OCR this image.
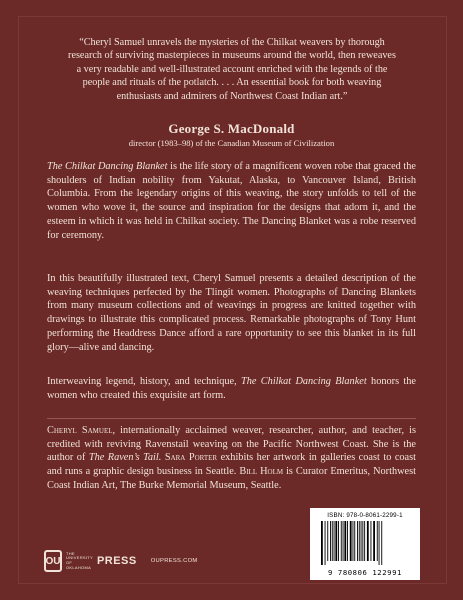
“Cheryl Samuel unravels the mysteries of the Chilkat weavers by thorough research of surviving masterpieces in museums around the world, then reweaves a very readable and well-illustrated account enriched with the legends of the people and rituals of the potlatch. . . . An essential book for both weaving enthusiasts and admirers of Northwest Coast Indian art.”
George S. MacDonald
director (1983–98) of the Canadian Museum of Civilization

The Chilkat Dancing Blanket is the life story of a magnificent woven robe that graced the shoulders of Indian nobility from Yakutat, Alaska, to Vancouver Island, British Columbia. From the legendary origins of this weaving, the story unfolds to tell of the women who wove it, the source and inspiration for the designs that adorn it, and the esteem in which it was held in Chilkat society. The Dancing Blanket was a robe reserved for ceremony.

In this beautifully illustrated text, Cheryl Samuel presents a detailed description of the weaving techniques perfected by the Tlingit women. Photographs of Dancing Blankets from many museum collections and of weavings in progress are knitted together with drawings to illustrate this complicated process. Remarkable photographs of Tony Hunt performing the Headdress Dance afford a rare opportunity to see this blanket in its full glory—alive and dancing.

Interweaving legend, history, and technique, The Chilkat Dancing Blanket honors the women who created this exquisite art form.

Cheryl Samuel, internationally acclaimed weaver, researcher, author, and teacher, is credited with reviving Ravenstail weaving on the Pacific Northwest Coast. She is the author of The Raven’s Tail. Sara Porter exhibits her artwork in galleries coast to coast and runs a graphic design business in Seattle. Bill Holm is Curator Emeritus, Northwest Coast Indian Art, The Burke Memorial Museum, Seattle.

OU
THE UNIVERSITY OF OKLAHOMA
PRESS OUPRESS.COM
ISBN: 978-0-8061-2299-1
9 780806 122991
